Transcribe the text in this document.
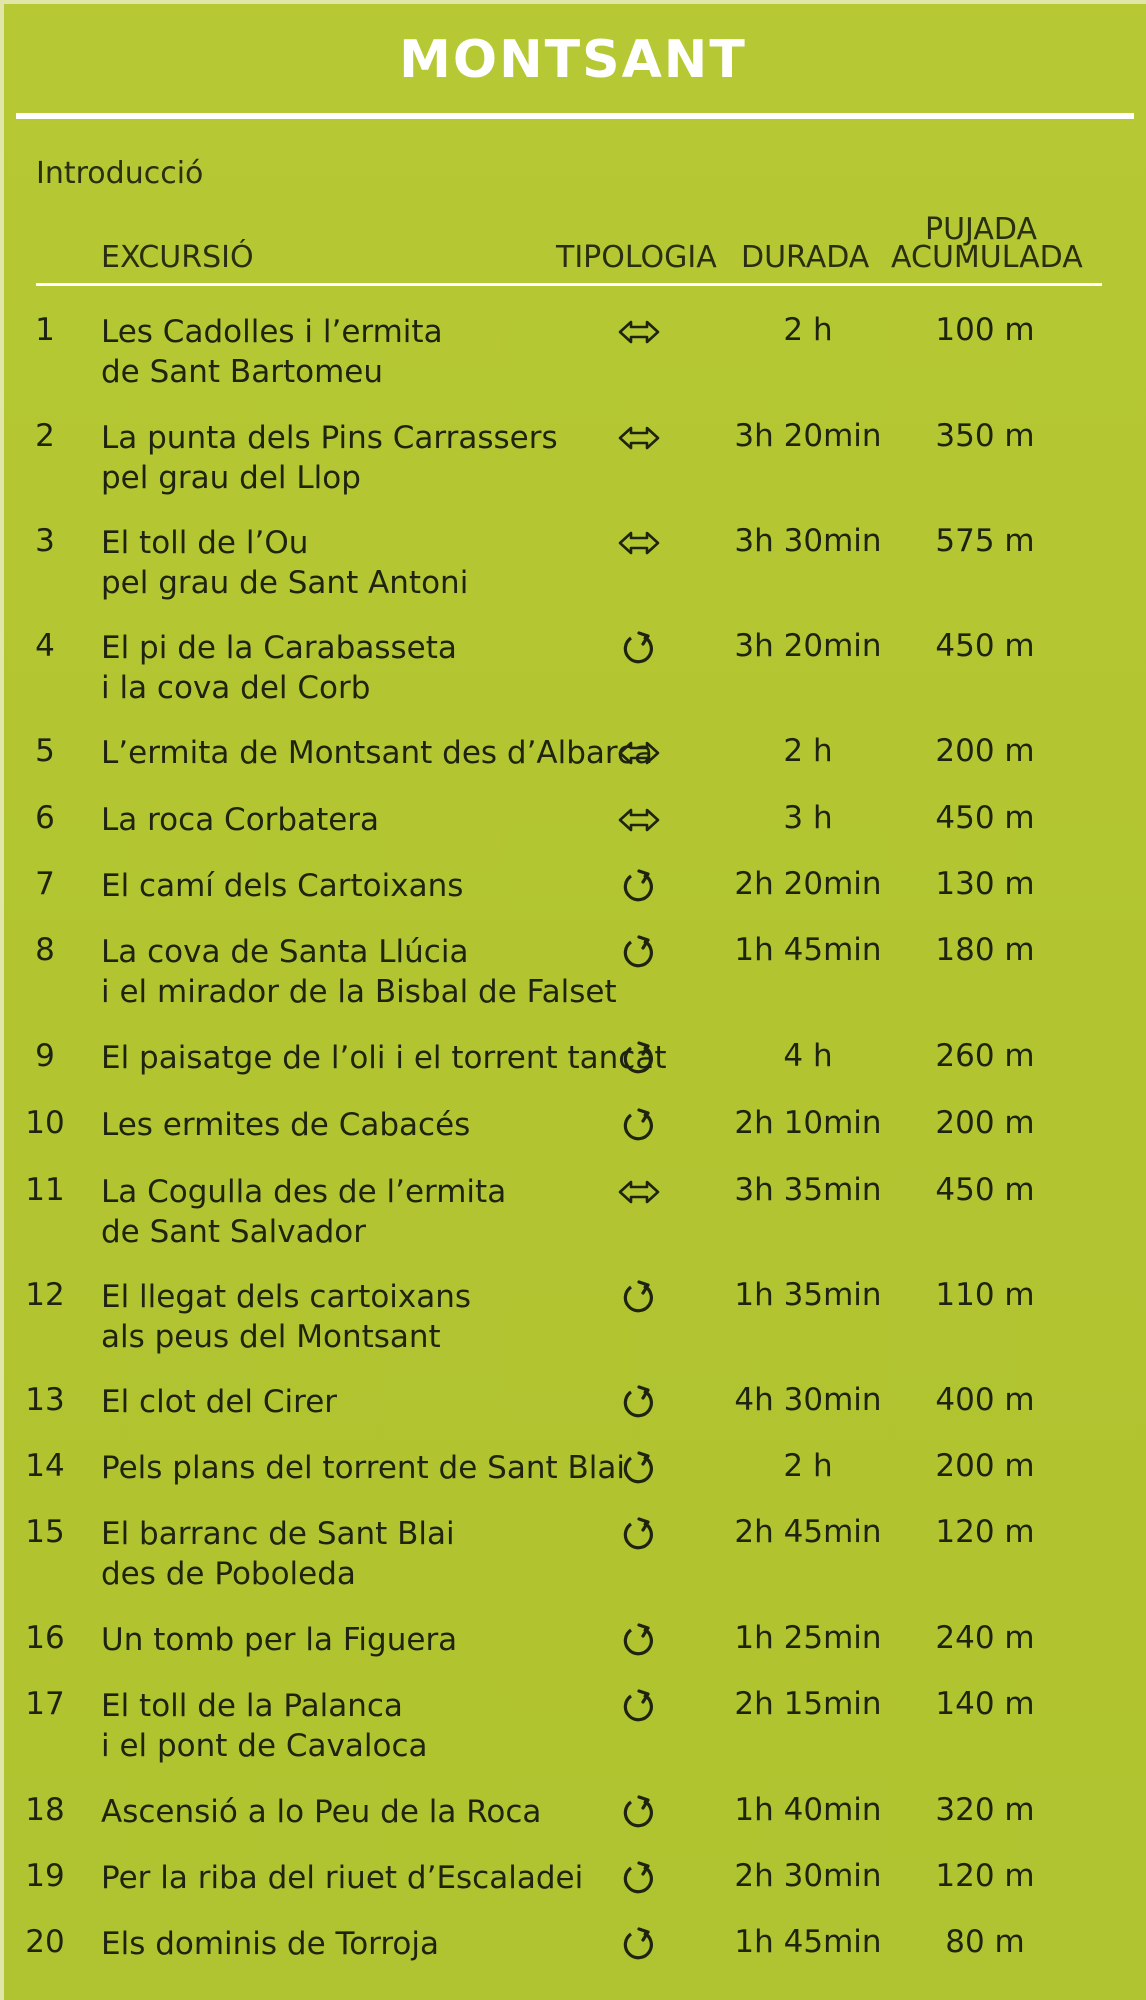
MONTSANT
Introducció
EXCURSIÓ	TIPOLOGIA DURADA
PUJADA
ACUMULADA
1	Les Cadolles i l’ermita
de Sant Bartomeu
2 h	100 m
2	La punta dels Pins Carrassers
pel grau del Llop
3h 20min	350 m
3	El toll de l’Ou
pel grau de Sant Antoni
3h 30min	575 m
4	El pi de la Carabasseta
i la cova del Corb
3h 20min	450 m
5	L’ermita de Montsant des d’Albarca	2 h	200 m
6	La roca Corbatera	3 h	450 m
7	El camí dels Cartoixans	2h 20min	130 m
8	La cova de Santa Llúcia
i el mirador de la Bisbal de Falset
1h 45min	180 m
9	El paisatge de l’oli i el torrent tancat	4 h	260 m
10 Les ermites de Cabacés	2h 10min	200 m
11 La Cogulla des de l’ermita
de Sant Salvador
3h 35min	450 m
12 El llegat dels cartoixans
als peus del Montsant
1h 35min	110 m
13 El clot del Cirer	4h 30min	400 m
14 Pels plans del torrent de Sant Blai	2 h	200 m
15 El barranc de Sant Blai
des de Poboleda
2h 45min	120 m
16 Un tomb per la Figuera	1h 25min	240 m
17 El toll de la Palanca
i el pont de Cavaloca
2h 15min	140 m
18 Ascensió a lo Peu de la Roca	1h 40min	320 m
19 Per la riba del riuet d’Escaladei	2h 30min	120 m
20 Els dominis de Torroja	1h 45min	80 m
